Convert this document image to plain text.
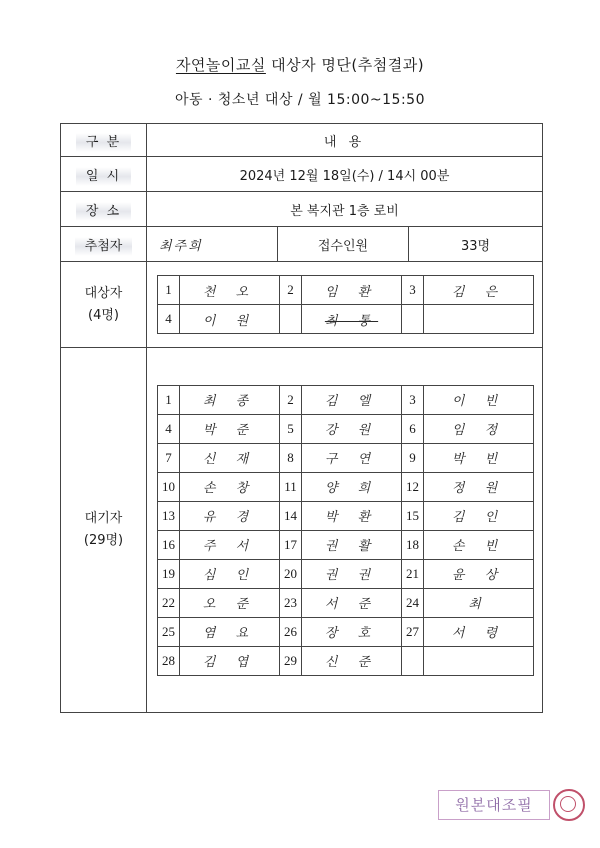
자연놀이교실 대상자 명단(추첨결과)
아동 · 청소년 대상 / 월 15:00~15:50
구 분	내 용
일 시	2024년 12월 18일(수) / 14시 00분
장 소	본 복지관 1층 로비
추첨자		최주희	접수인원	33명

대상자
(4명)

1	천 오	2	임 환	3	김 은
4	이 원		최 통		

대기자
(29명)

1	최 종	2	김 엘	3	이 빈
4	박 준	5	강 원	6	임 정
7	신 재	8	구 연	9	박 빈
10	손 창	11	양 희	12	정 원
13	유 경	14	박 환	15	김 인
16	주 서	17	권 활	18	손 빈
19	심 인	20	권 권	21	윤 상
22	오 준	23	서 준	24	최
25	염 요	26	장 호	27	서 령
28	김 엽	29	신 준		
원본대조필
